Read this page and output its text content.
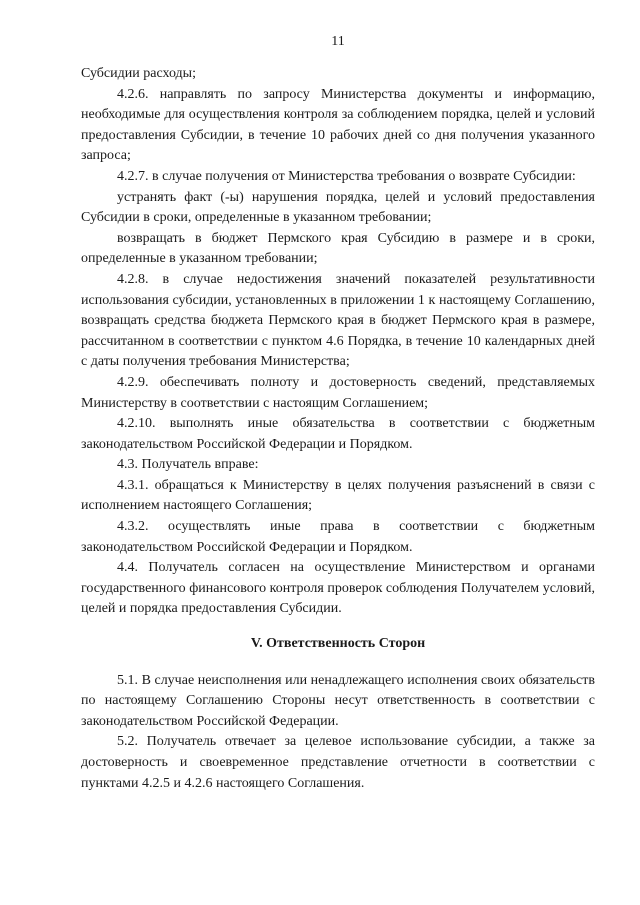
11

Субсидии расходы;

4.2.6. направлять по запросу Министерства документы и информацию, необходимые для осуществления контроля за соблюдением порядка, целей и условий предоставления Субсидии, в течение 10 рабочих дней со дня получения указанного запроса;

4.2.7. в случае получения от Министерства требования о возврате Субсидии:

устранять факт (-ы) нарушения порядка, целей и условий предоставления Субсидии в сроки, определенные в указанном требовании;

возвращать в бюджет Пермского края Субсидию в размере и в сроки, определенные в указанном требовании;

4.2.8. в случае недостижения значений показателей результативности использования субсидии, установленных в приложении 1 к настоящему Соглашению, возвращать средства бюджета Пермского края в бюджет Пермского края в размере, рассчитанном в соответствии с пунктом 4.6 Порядка, в течение 10 календарных дней с даты получения требования Министерства;

4.2.9. обеспечивать полноту и достоверность сведений, представляемых Министерству в соответствии с настоящим Соглашением;

4.2.10. выполнять иные обязательства в соответствии с бюджетным законодательством Российской Федерации и Порядком.

4.3. Получатель вправе:

4.3.1. обращаться к Министерству в целях получения разъяснений в связи с исполнением настоящего Соглашения;

4.3.2. осуществлять иные права в соответствии с бюджетным законодательством Российской Федерации и Порядком.

4.4. Получатель согласен на осуществление Министерством и органами государственного финансового контроля проверок соблюдения Получателем условий, целей и порядка предоставления Субсидии.

V. Ответственность Сторон

5.1. В случае неисполнения или ненадлежащего исполнения своих обязательств по настоящему Соглашению Стороны несут ответственность в соответствии с законодательством Российской Федерации.

5.2. Получатель отвечает за целевое использование субсидии, а также за достоверность и своевременное представление отчетности в соответствии с пунктами 4.2.5 и 4.2.6 настоящего Соглашения.
